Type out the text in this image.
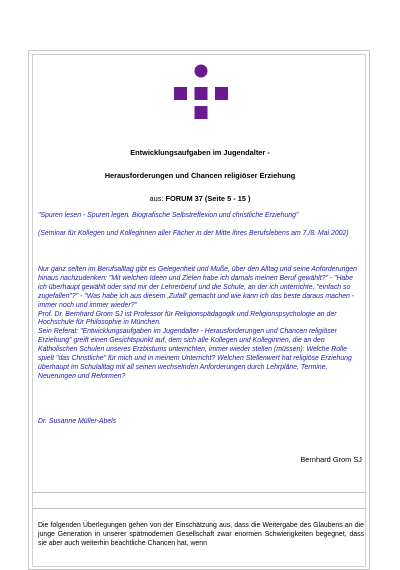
Entwicklungsaufgaben im Jugendalter -
Herausforderungen und Chancen religiöser Erziehung
aus: FORUM 37 (Seite 5 - 15 )
"Spuren lesen - Spuren legen. Biografische Selbstreflexion und christliche Erziehung"
(Seminar für Kollegen und Kolleginnen aller Fächer in der Mitte ihres Berufslebens am 7./8. Mai 2002)

Nur ganz selten im Berufsalltag gibt es Gelegenheit und Muße, über den Alltag und seine Anforderungen hinaus nachzudenken: "Mit welchen Ideen und Zielen habe ich damals meinen Beruf gewählt?" - "Habe ich überhaupt gewählt oder sind mir der Lehrerberuf und die Schule, an der ich unterrichte, "einfach so zugefallen"?" - "Was habe ich aus diesem ‚Zufall' gemacht und wie kann ich das beste daraus machen - immer noch und immer wieder?"

Prof. Dr. Bernhard Grom SJ ist Professor für Religionspädagogik und Religionspsychologie an der Hochschule für Philosophie in München.

Sein Referat: "Entwicklungsaufgaben im Jugendalter - Herausforderungen und Chancen religiöser Erziehung" greift einen Gesichtspunkt auf, dem sich alle Kollegen und Kolleginnen, die an den Katholischen Schulen unseres Erzbistums unterrichten, immer wieder stellen (müssen): Welche Rolle spielt "das Christliche" für mich und in meinem Unterricht? Welchen Stellenwert hat religiöse Erziehung überhaupt im Schulalltag mit all seinen wechselnden Anforderungen durch Lehrpläne, Termine, Neuerungen und Reformen?

Dr. Susanne Müller-Abels
Bernhard Grom SJ
Die folgenden Überlegungen gehen von der Einschätzung aus, dass die Weitergabe des Glaubens an die junge Generation in unserer spätmodernen Gesellschaft zwar enormen Schwierigkeiten begegnet, dass sie aber auch weiterhin beachtliche Chancen hat, wenn
